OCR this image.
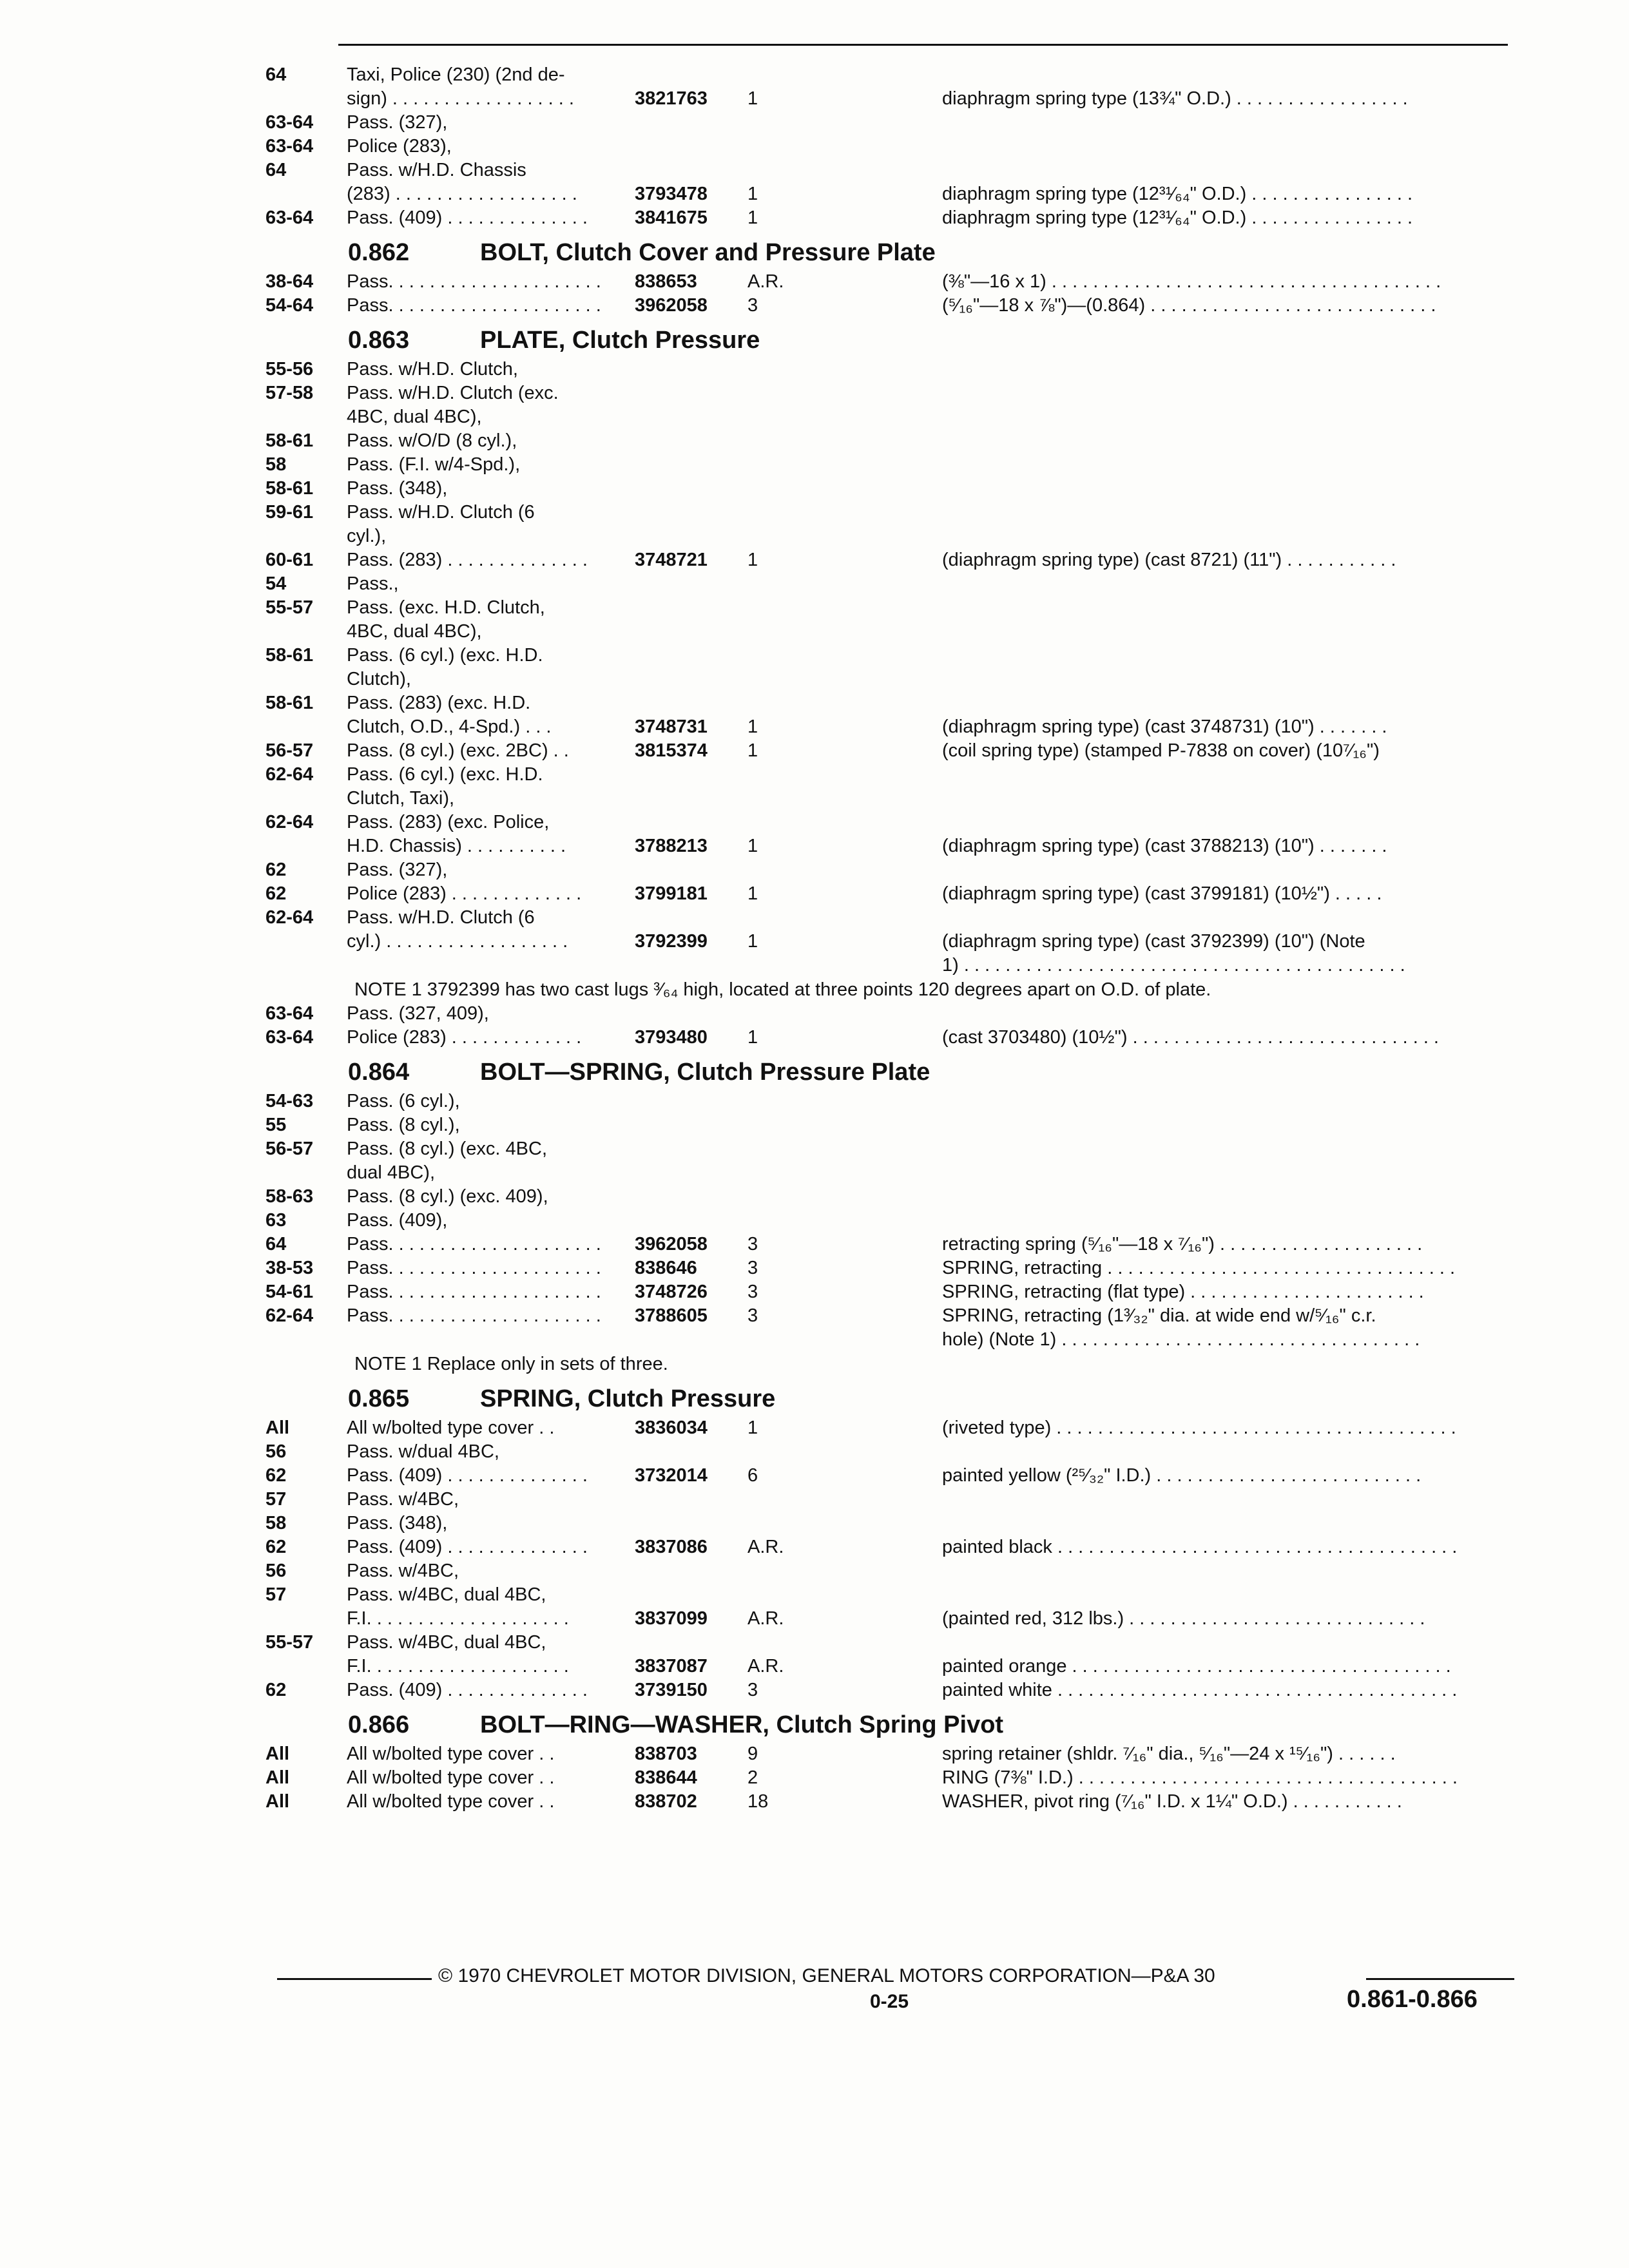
64	Taxi, Police (230) (2nd de-
sign) . . . . . . . . . . . . . . . . . .	3821763	1	diaphragm spring type (13¾" O.D.) . . . . . . . . . . . . . . . . .
63-64	Pass. (327),
63-64	Police (283),
64	Pass. w/H.D. Chassis
(283) . . . . . . . . . . . . . . . . . .	3793478	1	diaphragm spring type (12³¹⁄₆₄" O.D.) . . . . . . . . . . . . . . . .
63-64	Pass. (409) . . . . . . . . . . . . . .	3841675	1	diaphragm spring type (12³¹⁄₆₄" O.D.) . . . . . . . . . . . . . . . .
0.862	BOLT, Clutch Cover and Pressure Plate
38-64	Pass. . . . . . . . . . . . . . . . . . . . .	838653	A.R.	(⅜"—16 x 1) . . . . . . . . . . . . . . . . . . . . . . . . . . . . . . . . . . . . . .
54-64	Pass. . . . . . . . . . . . . . . . . . . . .	3962058	3	(⁵⁄₁₆"—18 x ⅞")—(0.864) . . . . . . . . . . . . . . . . . . . . . . . . . . . .
0.863	PLATE, Clutch Pressure
55-56	Pass. w/H.D. Clutch,
57-58	Pass. w/H.D. Clutch (exc.
4BC, dual 4BC),
58-61	Pass. w/O/D (8 cyl.),
58	Pass. (F.I. w/4-Spd.),
58-61	Pass. (348),
59-61	Pass. w/H.D. Clutch (6
cyl.),
60-61	Pass. (283) . . . . . . . . . . . . . .	3748721	1	(diaphragm spring type) (cast 8721) (11") . . . . . . . . . . .
54	Pass.,
55-57	Pass. (exc. H.D. Clutch,
4BC, dual 4BC),
58-61	Pass. (6 cyl.) (exc. H.D.
Clutch),
58-61	Pass. (283) (exc. H.D.
Clutch, O.D., 4-Spd.) . . .	3748731	1	(diaphragm spring type) (cast 3748731) (10") . . . . . . .
56-57	Pass. (8 cyl.) (exc. 2BC) . .	3815374	1	(coil spring type) (stamped P-7838 on cover) (10⁷⁄₁₆")
62-64	Pass. (6 cyl.) (exc. H.D.
Clutch, Taxi),
62-64	Pass. (283) (exc. Police,
H.D. Chassis) . . . . . . . . . .	3788213	1	(diaphragm spring type) (cast 3788213) (10") . . . . . . .
62	Pass. (327),
62	Police (283) . . . . . . . . . . . . .	3799181	1	(diaphragm spring type) (cast 3799181) (10½") . . . . .
62-64	Pass. w/H.D. Clutch (6
cyl.) . . . . . . . . . . . . . . . . . .	3792399	1	(diaphragm spring type) (cast 3792399) (10") (Note
1) . . . . . . . . . . . . . . . . . . . . . . . . . . . . . . . . . . . . . . . . . . .
NOTE 1 3792399 has two cast lugs ³⁄₆₄ high, located at three points 120 degrees apart on O.D. of plate.
63-64	Pass. (327, 409),
63-64	Police (283) . . . . . . . . . . . . .	3793480	1	(cast 3703480) (10½") . . . . . . . . . . . . . . . . . . . . . . . . . . . . . .
0.864	BOLT—SPRING, Clutch Pressure Plate
54-63	Pass. (6 cyl.),
55	Pass. (8 cyl.),
56-57	Pass. (8 cyl.) (exc. 4BC,
dual 4BC),
58-63	Pass. (8 cyl.) (exc. 409),
63	Pass. (409),
64	Pass. . . . . . . . . . . . . . . . . . . . .	3962058	3	retracting spring (⁵⁄₁₆"—18 x ⁷⁄₁₆") . . . . . . . . . . . . . . . . . . . .
38-53	Pass. . . . . . . . . . . . . . . . . . . . .	838646	3	SPRING, retracting . . . . . . . . . . . . . . . . . . . . . . . . . . . . . . . . . .
54-61	Pass. . . . . . . . . . . . . . . . . . . . .	3748726	3	SPRING, retracting (flat type) . . . . . . . . . . . . . . . . . . . . . . .
62-64	Pass. . . . . . . . . . . . . . . . . . . . .	3788605	3	SPRING, retracting (1³⁄₃₂" dia. at wide end w/⁵⁄₁₆" c.r.
hole) (Note 1) . . . . . . . . . . . . . . . . . . . . . . . . . . . . . . . . . . .
NOTE 1 Replace only in sets of three.
0.865	SPRING, Clutch Pressure
All	All w/bolted type cover . .	3836034	1	(riveted type) . . . . . . . . . . . . . . . . . . . . . . . . . . . . . . . . . . . . . . .
56	Pass. w/dual 4BC,
62	Pass. (409) . . . . . . . . . . . . . .	3732014	6	painted yellow (²⁵⁄₃₂" I.D.) . . . . . . . . . . . . . . . . . . . . . . . . . .
57	Pass. w/4BC,
58	Pass. (348),
62	Pass. (409) . . . . . . . . . . . . . .	3837086	A.R.	painted black . . . . . . . . . . . . . . . . . . . . . . . . . . . . . . . . . . . . . . .
56	Pass. w/4BC,
57	Pass. w/4BC, dual 4BC,
F.I. . . . . . . . . . . . . . . . . . . .	3837099	A.R.	(painted red, 312 lbs.) . . . . . . . . . . . . . . . . . . . . . . . . . . . . .
55-57	Pass. w/4BC, dual 4BC,
F.I. . . . . . . . . . . . . . . . . . . .	3837087	A.R.	painted orange . . . . . . . . . . . . . . . . . . . . . . . . . . . . . . . . . . . . .
62	Pass. (409) . . . . . . . . . . . . . .	3739150	3	painted white . . . . . . . . . . . . . . . . . . . . . . . . . . . . . . . . . . . . . . .
0.866	BOLT—RING—WASHER, Clutch Spring Pivot
All	All w/bolted type cover . .	838703	9	spring retainer (shldr. ⁷⁄₁₆" dia., ⁵⁄₁₆"—24 x ¹⁵⁄₁₆") . . . . . .
All	All w/bolted type cover . .	838644	2	RING (7⅜" I.D.) . . . . . . . . . . . . . . . . . . . . . . . . . . . . . . . . . . . . .
All	All w/bolted type cover . .	838702	18	WASHER, pivot ring (⁷⁄₁₆" I.D. x 1¼" O.D.) . . . . . . . . . . .
© 1970 CHEVROLET MOTOR DIVISION, GENERAL MOTORS CORPORATION—P&A 30
0-25	0.861-0.866
